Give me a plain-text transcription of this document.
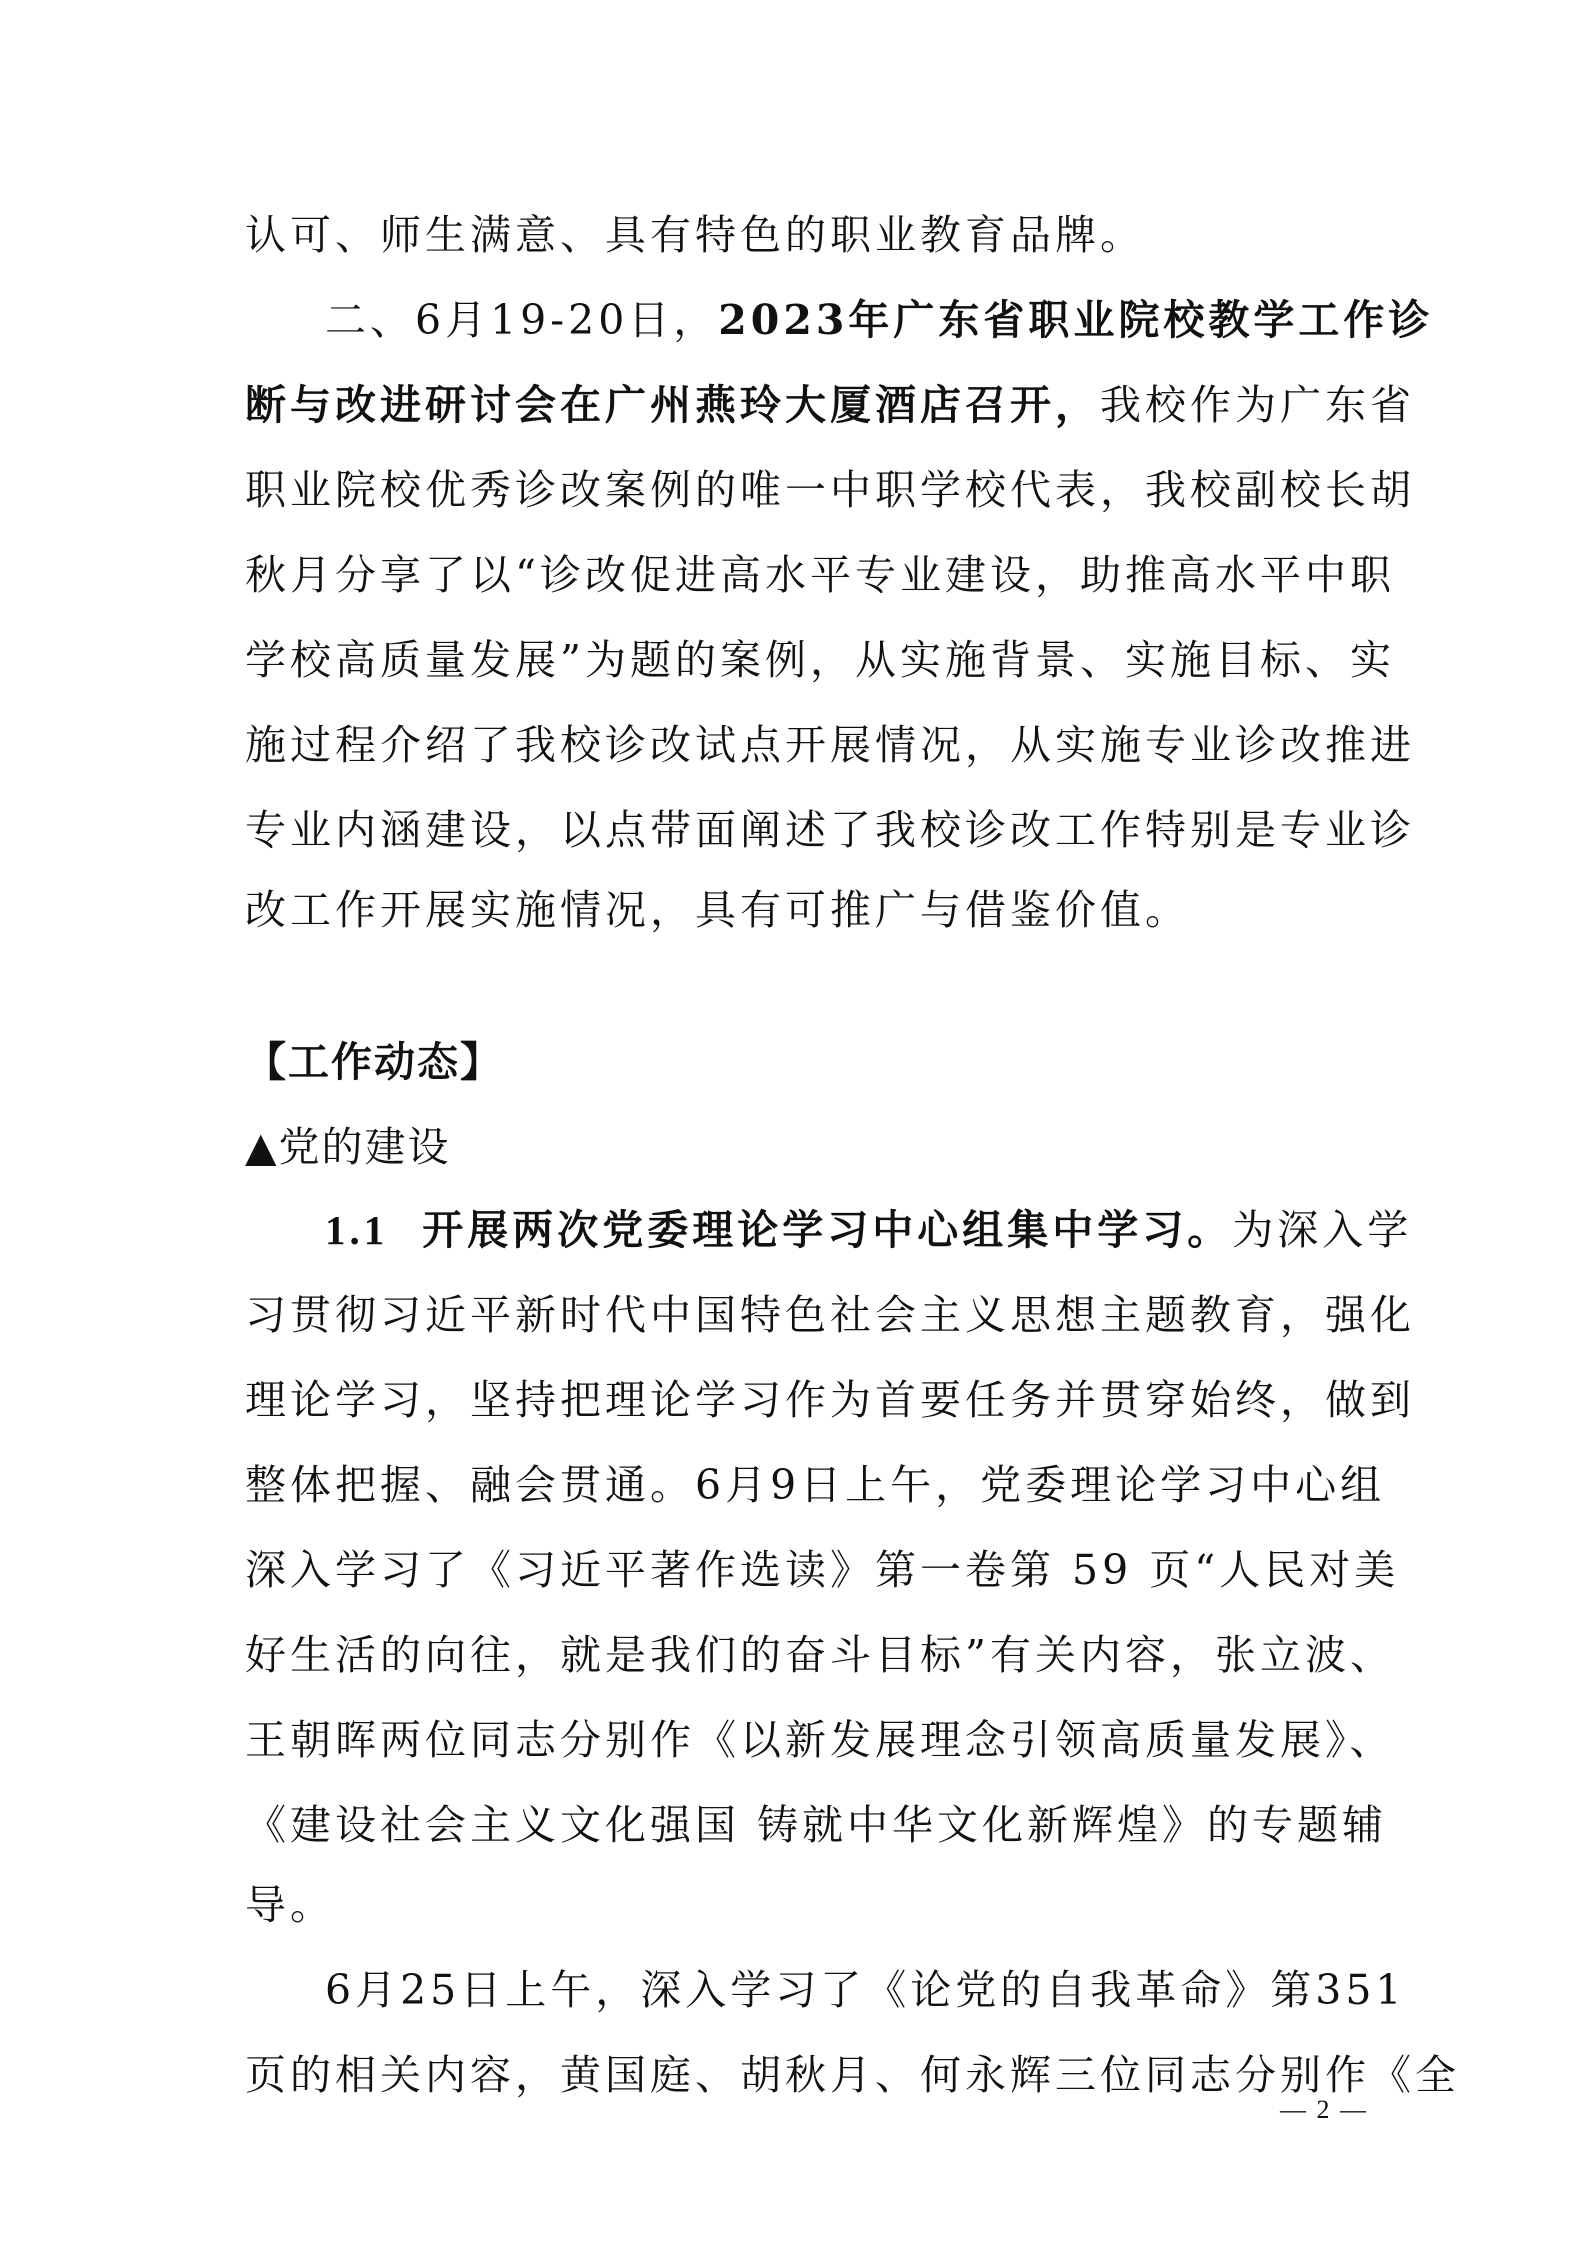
认可、师生满意、具有特色的职业教育品牌。
二、6月19-20日，2023年广东省职业院校教学工作诊
断与改进研讨会在广州燕玲大厦酒店召开，我校作为广东省
职业院校优秀诊改案例的唯一中职学校代表，我校副校长胡
秋月分享了以“诊改促进高水平专业建设，助推高水平中职
学校高质量发展”为题的案例，从实施背景、实施目标、实
施过程介绍了我校诊改试点开展情况，从实施专业诊改推进
专业内涵建设，以点带面阐述了我校诊改工作特别是专业诊
改工作开展实施情况，具有可推广与借鉴价值。
【工作动态】
▲党的建设
1.1 开展两次党委理论学习中心组集中学习。为深入学
习贯彻习近平新时代中国特色社会主义思想主题教育，强化
理论学习，坚持把理论学习作为首要任务并贯穿始终，做到
整体把握、融会贯通。6月9日上午，党委理论学习中心组
深入学习了《习近平著作选读》第一卷第 59 页“人民对美
好生活的向往，就是我们的奋斗目标”有关内容，张立波、
王朝晖两位同志分别作《以新发展理念引领高质量发展》、
《建设社会主义文化强国 铸就中华文化新辉煌》的专题辅
导。
6月25日上午，深入学习了《论党的自我革命》第351
页的相关内容，黄国庭、胡秋月、何永辉三位同志分别作《全
— 2 —
